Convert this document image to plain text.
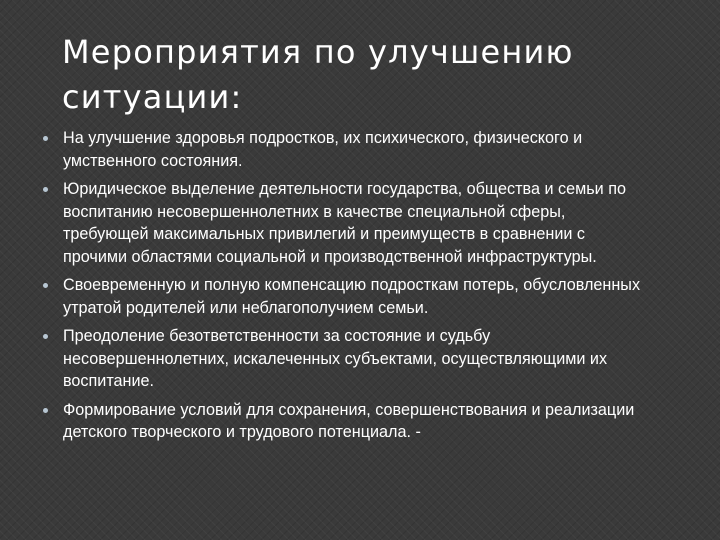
Мероприятия по улучшению ситуации:
На улучшение здоровья подростков, их психического, физического и умственного состояния.
Юридическое выделение деятельности государства, общества и семьи по воспитанию несовершеннолетних в качестве специальной сферы, требующей максимальных привилегий и преимуществ в сравнении с прочими областями социальной и производственной инфраструктуры.
Своевременную и полную компенсацию подросткам потерь, обусловленных утратой родителей или неблагополучием семьи.
Преодоление безответственности за состояние и судьбу несовершеннолетних, искалеченных субъектами, осуществляющими их воспитание.
Формирование условий для сохранения, совершенствования и реализации детского творческого и трудового потенциала. -
